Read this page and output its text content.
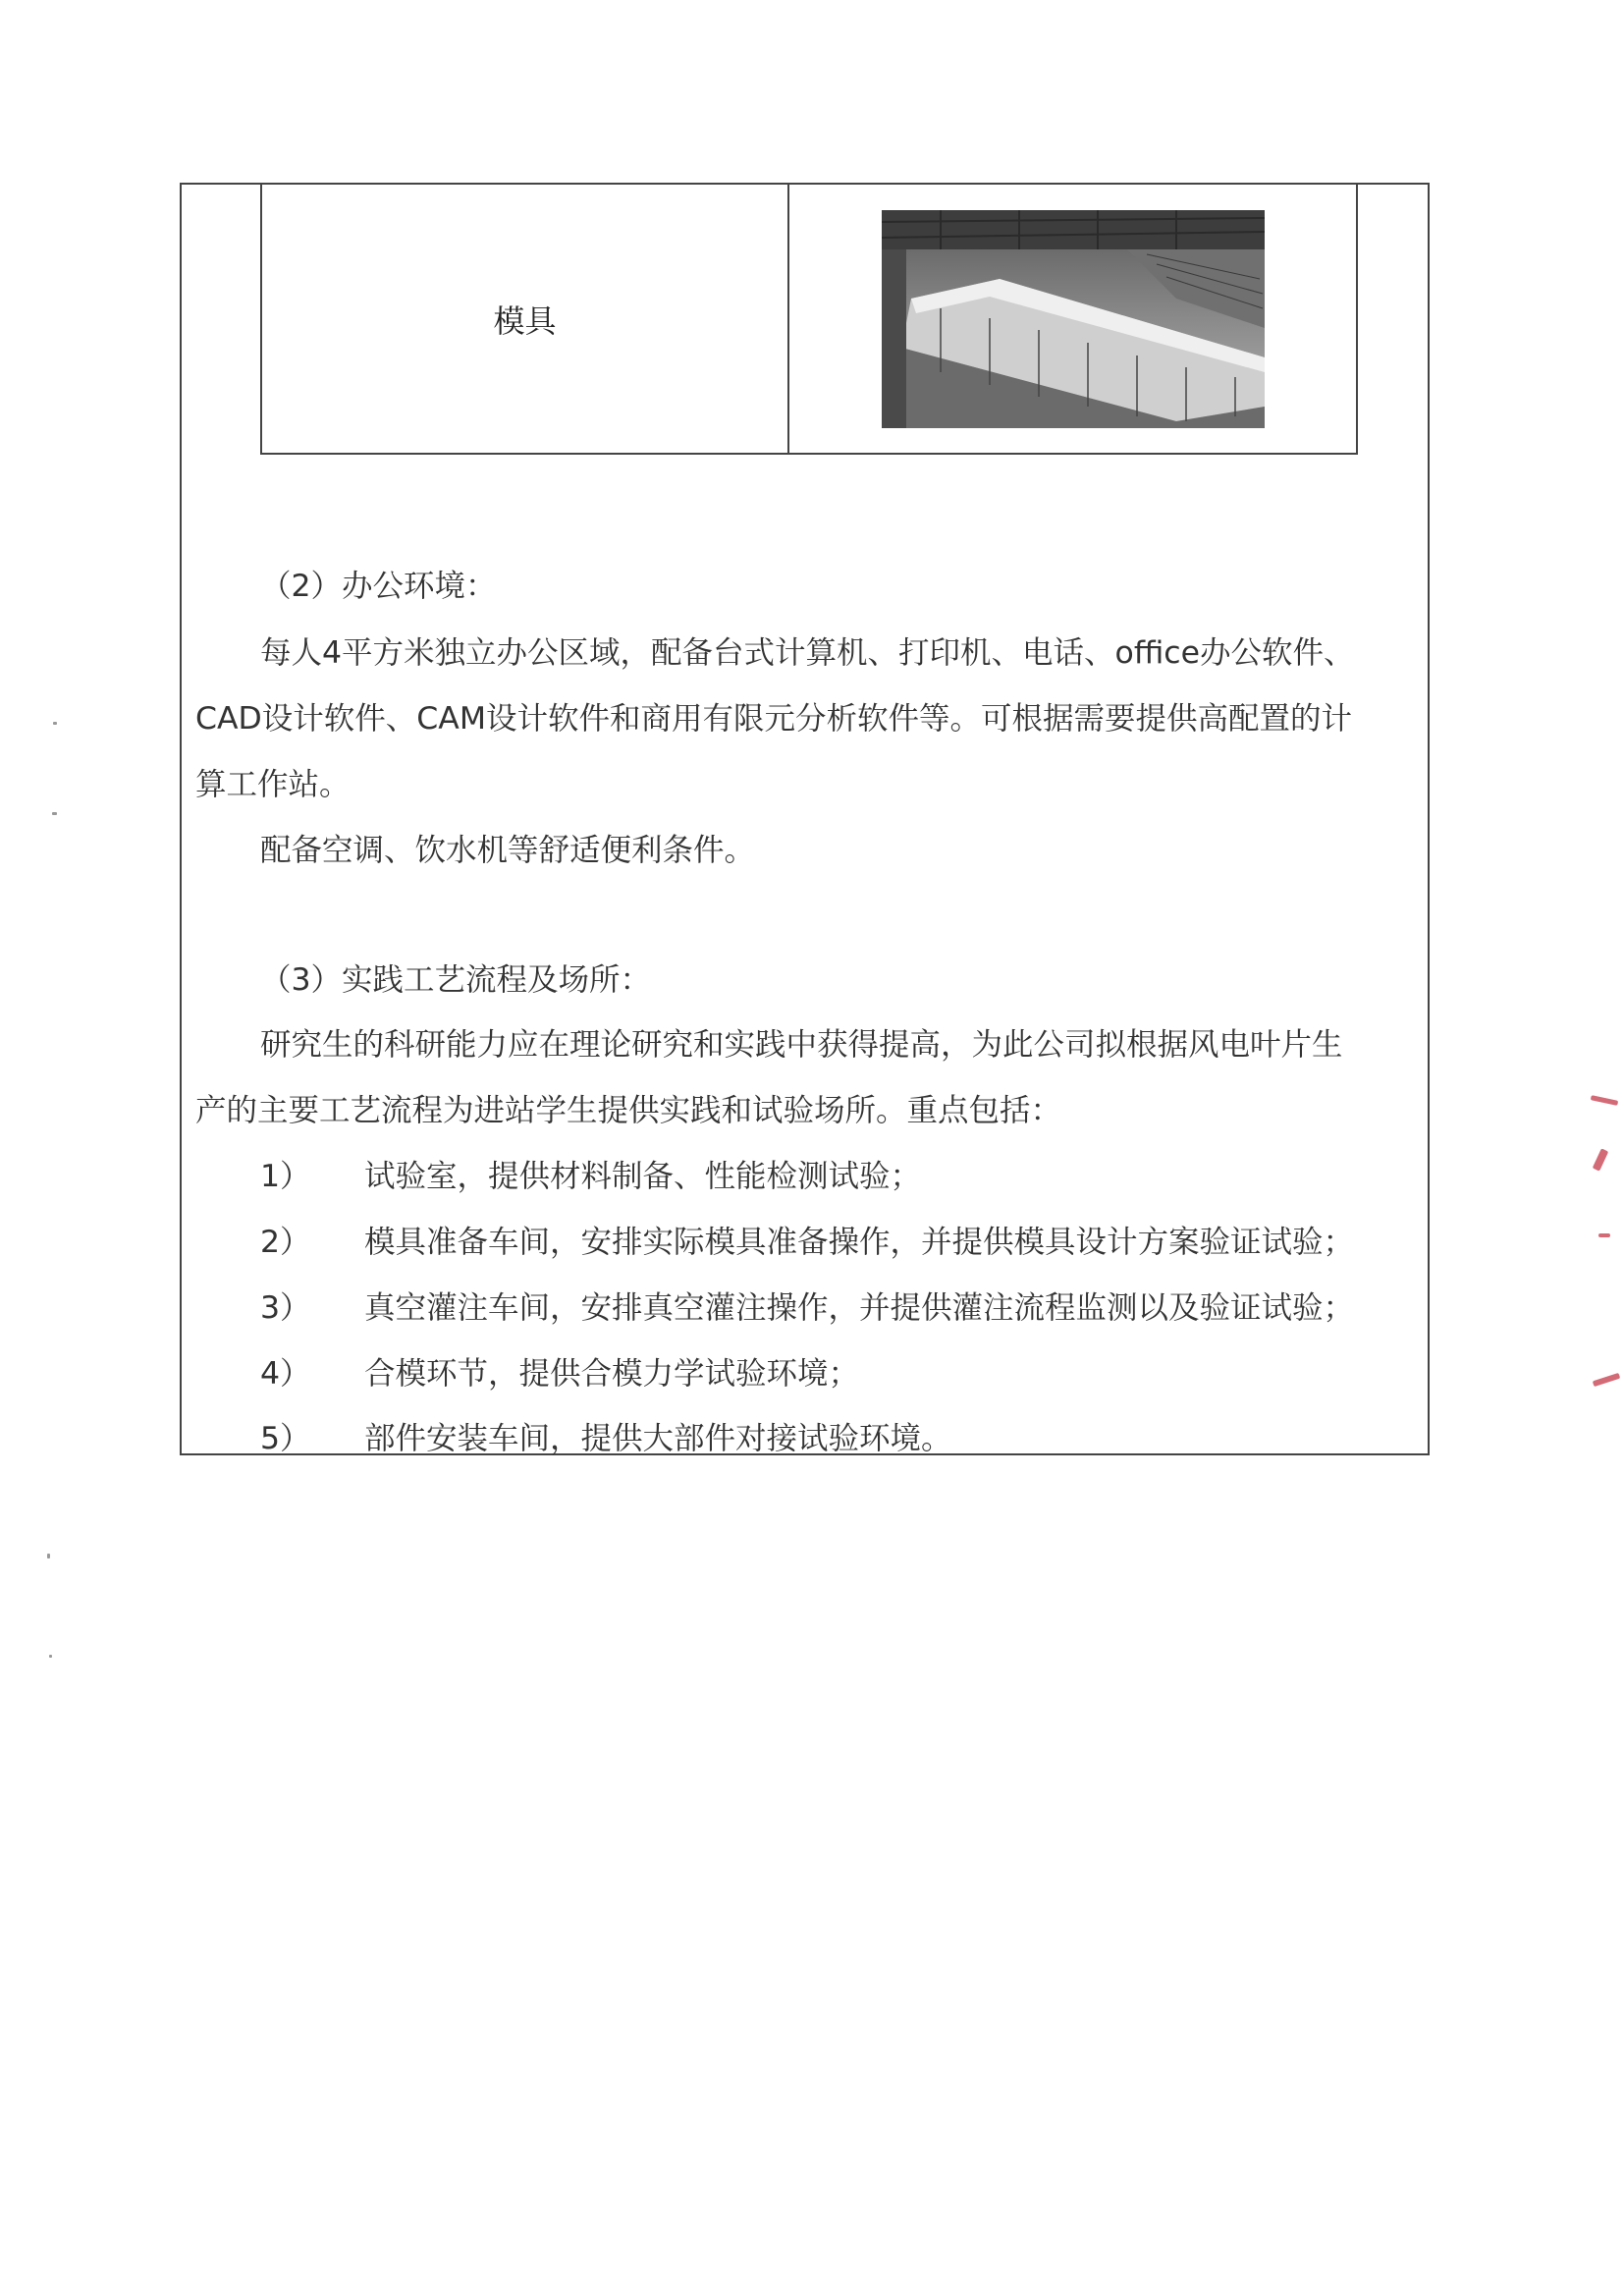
模具
（2）办公环境：
每人4平方米独立办公区域，配备台式计算机、打印机、电话、office办公软件、
CAD设计软件、CAM设计软件和商用有限元分析软件等。可根据需要提供高配置的计
算工作站。
配备空调、饮水机等舒适便利条件。
（3）实践工艺流程及场所：
研究生的科研能力应在理论研究和实践中获得提高，为此公司拟根据风电叶片生
产的主要工艺流程为进站学生提供实践和试验场所。重点包括：
1） 试验室，提供材料制备、性能检测试验；
2） 模具准备车间，安排实际模具准备操作，并提供模具设计方案验证试验；
3） 真空灌注车间，安排真空灌注操作，并提供灌注流程监测以及验证试验；
4） 合模环节，提供合模力学试验环境；
5） 部件安装车间，提供大部件对接试验环境。
